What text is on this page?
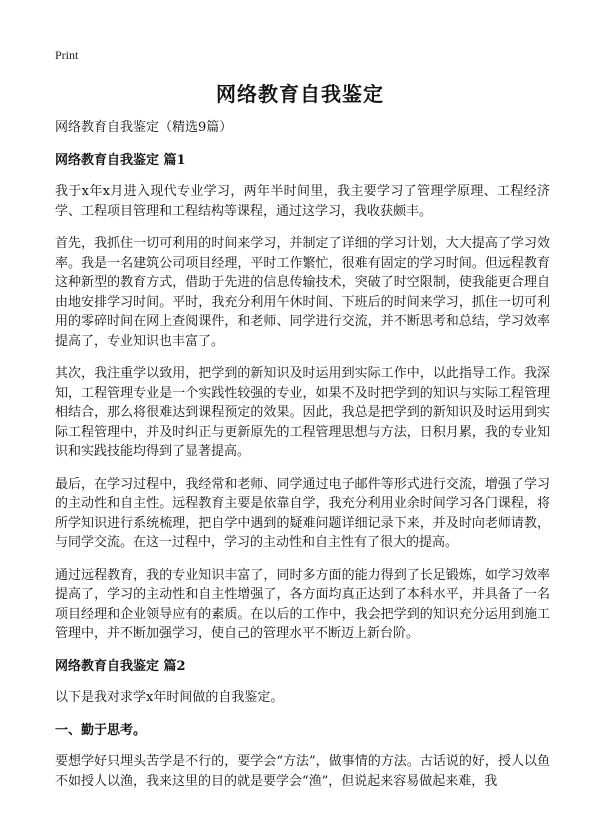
Print
网络教育自我鉴定

网络教育自我鉴定（精选9篇）

网络教育自我鉴定 篇1

我于x年x月进入现代专业学习，两年半时间里，我主要学习了管理学原理、工程经济学、工程项目管理和工程结构等课程，通过这学习，我收获颇丰。

首先，我抓住一切可利用的时间来学习，并制定了详细的学习计划，大大提高了学习效率。我是一名建筑公司项目经理，平时工作繁忙，很难有固定的学习时间。但远程教育这种新型的教育方式，借助于先进的信息传输技术，突破了时空限制，使我能更合理自由地安排学习时间。平时，我充分利用午休时间、下班后的时间来学习，抓住一切可利用的零碎时间在网上查阅课件，和老师、同学进行交流，并不断思考和总结，学习效率提高了，专业知识也丰富了。

其次，我注重学以致用，把学到的新知识及时运用到实际工作中，以此指导工作。我深知，工程管理专业是一个实践性较强的专业，如果不及时把学到的知识与实际工程管理相结合，那么将很难达到课程预定的效果。因此，我总是把学到的新知识及时运用到实际工程管理中，并及时纠正与更新原先的工程管理思想与方法，日积月累，我的专业知识和实践技能均得到了显著提高。

最后，在学习过程中，我经常和老师、同学通过电子邮件等形式进行交流，增强了学习的主动性和自主性。远程教育主要是依靠自学，我充分利用业余时间学习各门课程，将所学知识进行系统梳理，把自学中遇到的疑难问题详细记录下来，并及时向老师请教，与同学交流。在这一过程中，学习的主动性和自主性有了很大的提高。

通过远程教育，我的专业知识丰富了，同时多方面的能力得到了长足锻炼，如学习效率提高了，学习的主动性和自主性增强了，各方面均真正达到了本科水平，并具备了一名项目经理和企业领导应有的素质。在以后的工作中，我会把学到的知识充分运用到施工管理中，并不断加强学习，使自己的管理水平不断迈上新台阶。

网络教育自我鉴定 篇2

以下是我对求学x年时间做的自我鉴定。

一、勤于思考。

要想学好只埋头苦学是不行的，要学会“方法”，做事情的方法。古话说的好，授人以鱼不如授人以渔，我来这里的目的就是要学会“渔”，但说起来容易做起来难，我
